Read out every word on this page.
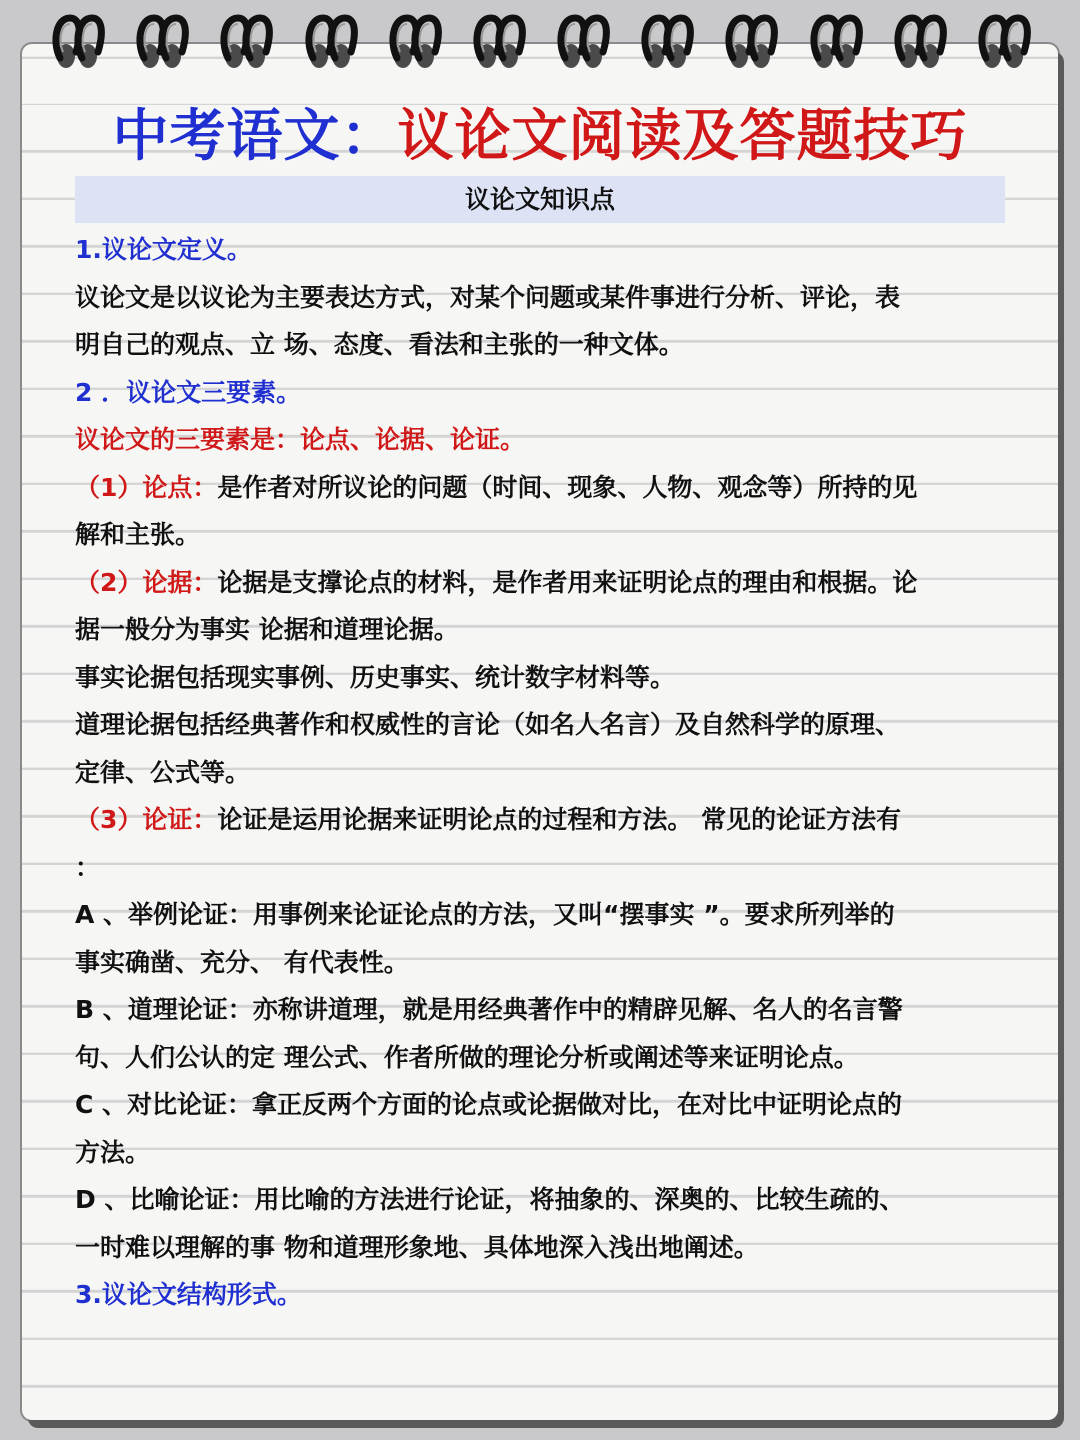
中考语文：议论文阅读及答题技巧
议论文知识点
1.议论文定义。
议论文是以议论为主要表达方式，对某个问题或某件事进行分析、评论，表
明自己的观点、立 场、态度、看法和主张的一种文体。
2 ．议论文三要素。
议论文的三要素是：论点、论据、论证。
（1）论点：是作者对所议论的问题（时间、现象、人物、观念等）所持的见
解和主张。
（2）论据：论据是支撑论点的材料，是作者用来证明论点的理由和根据。论
据一般分为事实 论据和道理论据。
事实论据包括现实事例、历史事实、统计数字材料等。
道理论据包括经典著作和权威性的言论（如名人名言）及自然科学的原理、
定律、公式等。
（3）论证：论证是运用论据来证明论点的过程和方法。 常见的论证方法有
：
A 、举例论证：用事例来论证论点的方法，又叫“摆事实 ”。要求所列举的
事实确凿、充分、 有代表性。
B 、道理论证：亦称讲道理，就是用经典著作中的精辟见解、名人的名言警
句、人们公认的定 理公式、作者所做的理论分析或阐述等来证明论点。
C 、对比论证：拿正反两个方面的论点或论据做对比，在对比中证明论点的
方法。
D 、比喻论证：用比喻的方法进行论证，将抽象的、深奥的、比较生疏的、
一时难以理解的事 物和道理形象地、具体地深入浅出地阐述。
3.议论文结构形式。
